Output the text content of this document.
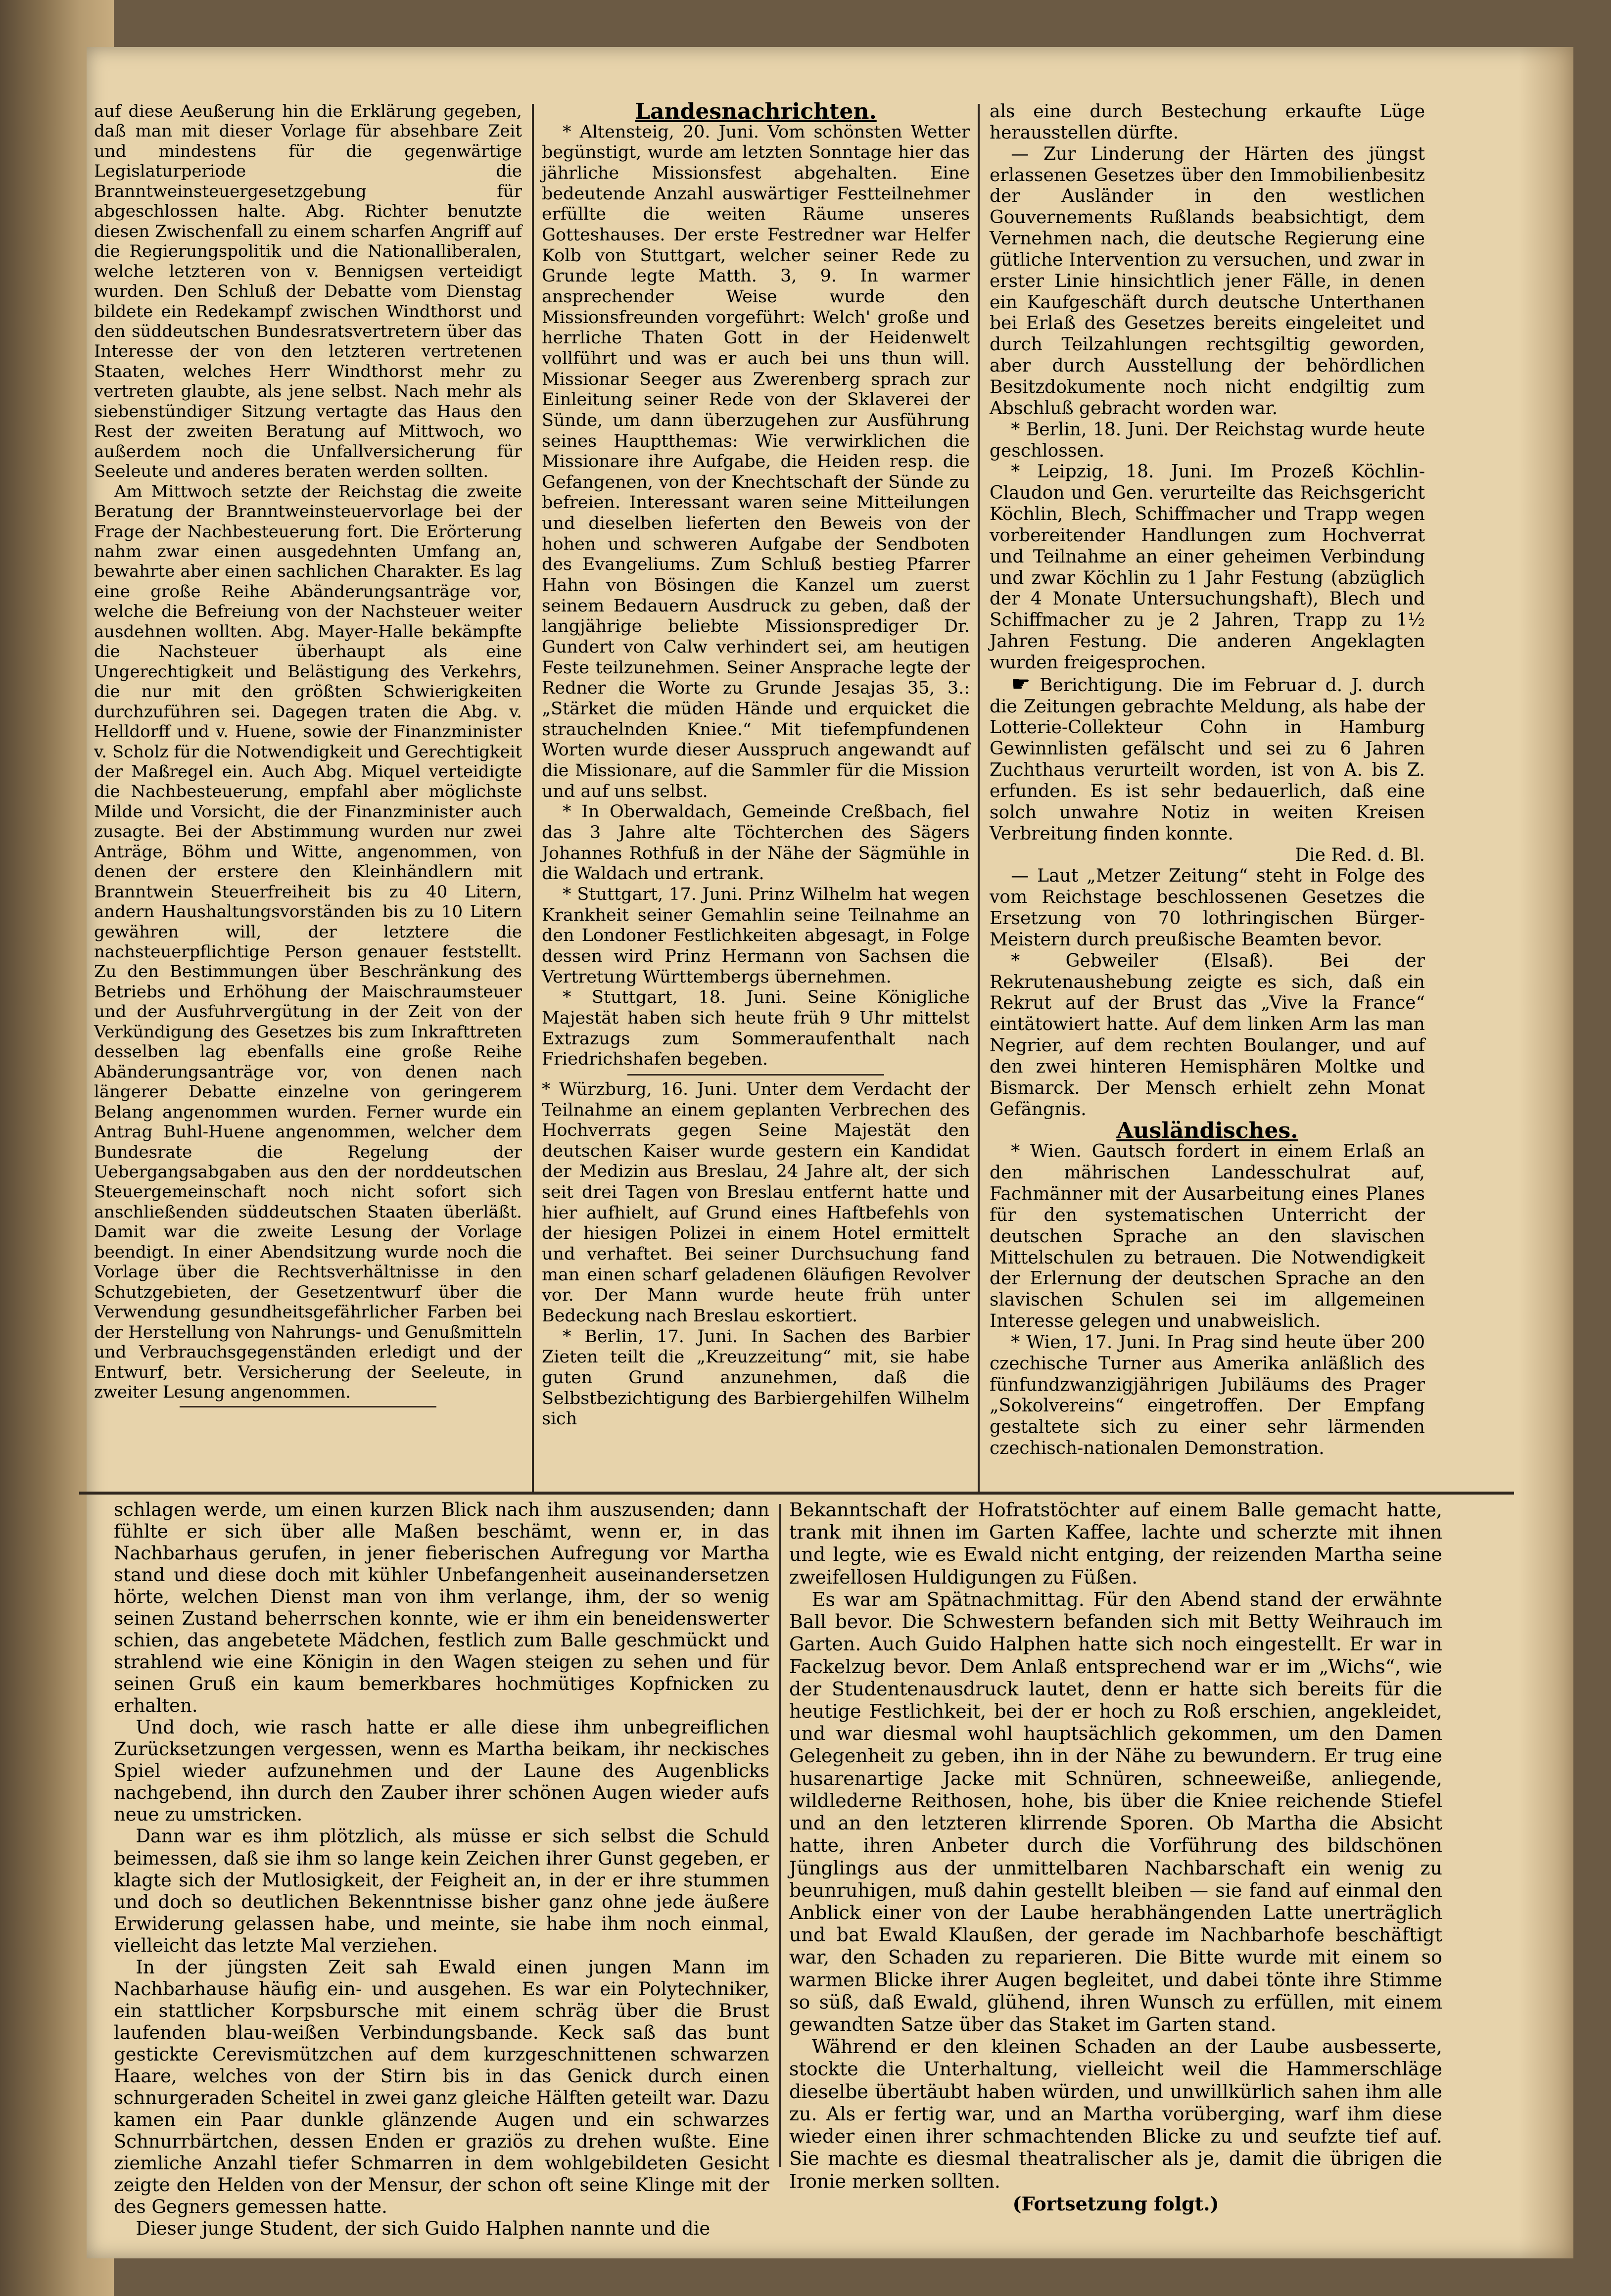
auf diese Aeußerung hin die Erklärung gegeben, daß man mit dieser Vorlage für absehbare Zeit und mindestens für die gegenwärtige Legislaturperiode die Branntweinsteuergesetzgebung für abgeschlossen halte. Abg. Richter benutzte diesen Zwischenfall zu einem scharfen Angriff auf die Regierungspolitik und die Nationalliberalen, welche letzteren von v. Bennigsen verteidigt wurden. Den Schluß der Debatte vom Dienstag bildete ein Redekampf zwischen Windthorst und den süddeutschen Bundesratsvertretern über das Interesse der von den letzteren vertretenen Staaten, welches Herr Windthorst mehr zu vertreten glaubte, als jene selbst. Nach mehr als siebenstündiger Sitzung vertagte das Haus den Rest der zweiten Beratung auf Mittwoch, wo außerdem noch die Unfallversicherung für Seeleute und anderes beraten werden sollten.

Am Mittwoch setzte der Reichstag die zweite Beratung der Branntweinsteuervorlage bei der Frage der Nachbesteuerung fort. Die Erörterung nahm zwar einen ausgedehnten Umfang an, bewahrte aber einen sachlichen Charakter. Es lag eine große Reihe Abänderungsanträge vor, welche die Befreiung von der Nachsteuer weiter ausdehnen wollten. Abg. Mayer-Halle bekämpfte die Nachsteuer überhaupt als eine Ungerechtigkeit und Belästigung des Verkehrs, die nur mit den größten Schwierigkeiten durchzuführen sei. Dagegen traten die Abg. v. Helldorff und v. Huene, sowie der Finanzminister v. Scholz für die Notwendigkeit und Gerechtigkeit der Maßregel ein. Auch Abg. Miquel verteidigte die Nachbesteuerung, empfahl aber möglichste Milde und Vorsicht, die der Finanzminister auch zusagte. Bei der Abstimmung wurden nur zwei Anträge, Böhm und Witte, angenommen, von denen der erstere den Kleinhändlern mit Branntwein Steuerfreiheit bis zu 40 Litern, andern Haushaltungsvorständen bis zu 10 Litern gewähren will, der letztere die nachsteuerpflichtige Person genauer feststellt. Zu den Bestimmungen über Beschränkung des Betriebs und Erhöhung der Maischraumsteuer und der Ausfuhrvergütung in der Zeit von der Verkündigung des Gesetzes bis zum Inkrafttreten desselben lag ebenfalls eine große Reihe Abänderungsanträge vor, von denen nach längerer Debatte einzelne von geringerem Belang angenommen wurden. Ferner wurde ein Antrag Buhl-Huene angenommen, welcher dem Bundesrate die Regelung der Uebergangsabgaben aus den der norddeutschen Steuergemeinschaft noch nicht sofort sich anschließenden süddeutschen Staaten überläßt. Damit war die zweite Lesung der Vorlage beendigt. In einer Abendsitzung wurde noch die Vorlage über die Rechtsverhältnisse in den Schutzgebieten, der Gesetzentwurf über die Verwendung gesundheitsgefährlicher Farben bei der Herstellung von Nahrungs- und Genußmitteln und Verbrauchsgegenständen erledigt und der Entwurf, betr. Versicherung der Seeleute, in zweiter Lesung angenommen.

Landesnachrichten.

* Altensteig, 20. Juni. Vom schönsten Wetter begünstigt, wurde am letzten Sonntage hier das jährliche Missionsfest abgehalten. Eine bedeutende Anzahl auswärtiger Festteilnehmer erfüllte die weiten Räume unseres Gotteshauses. Der erste Festredner war Helfer Kolb von Stuttgart, welcher seiner Rede zu Grunde legte Matth. 3, 9. In warmer ansprechender Weise wurde den Missionsfreunden vorgeführt: Welch' große und herrliche Thaten Gott in der Heidenwelt vollführt und was er auch bei uns thun will. Missionar Seeger aus Zwerenberg sprach zur Einleitung seiner Rede von der Sklaverei der Sünde, um dann überzugehen zur Ausführung seines Hauptthemas: Wie verwirklichen die Missionare ihre Aufgabe, die Heiden resp. die Gefangenen, von der Knechtschaft der Sünde zu befreien. Interessant waren seine Mitteilungen und dieselben lieferten den Beweis von der hohen und schweren Aufgabe der Sendboten des Evangeliums. Zum Schluß bestieg Pfarrer Hahn von Bösingen die Kanzel um zuerst seinem Bedauern Ausdruck zu geben, daß der langjährige beliebte Missionsprediger Dr. Gundert von Calw verhindert sei, am heutigen Feste teilzunehmen. Seiner Ansprache legte der Redner die Worte zu Grunde Jesajas 35, 3.: „Stärket die müden Hände und erquicket die strauchelnden Kniee.“ Mit tiefempfundenen Worten wurde dieser Ausspruch angewandt auf die Missionare, auf die Sammler für die Mission und auf uns selbst.

* In Oberwaldach, Gemeinde Creßbach, fiel das 3 Jahre alte Töchterchen des Sägers Johannes Rothfuß in der Nähe der Sägmühle in die Waldach und ertrank.

* Stuttgart, 17. Juni. Prinz Wilhelm hat wegen Krankheit seiner Gemahlin seine Teilnahme an den Londoner Festlichkeiten abgesagt, in Folge dessen wird Prinz Hermann von Sachsen die Vertretung Württembergs übernehmen.

* Stuttgart, 18. Juni. Seine Königliche Majestät haben sich heute früh 9 Uhr mittelst Extrazugs zum Sommeraufenthalt nach Friedrichshafen begeben.

* Würzburg, 16. Juni. Unter dem Verdacht der Teilnahme an einem geplanten Verbrechen des Hochverrats gegen Seine Majestät den deutschen Kaiser wurde gestern ein Kandidat der Medizin aus Breslau, 24 Jahre alt, der sich seit drei Tagen von Breslau entfernt hatte und hier aufhielt, auf Grund eines Haftbefehls von der hiesigen Polizei in einem Hotel ermittelt und verhaftet. Bei seiner Durchsuchung fand man einen scharf geladenen 6läufigen Revolver vor. Der Mann wurde heute früh unter Bedeckung nach Breslau eskortiert.

* Berlin, 17. Juni. In Sachen des Barbier Zieten teilt die „Kreuzzeitung“ mit, sie habe guten Grund anzunehmen, daß die Selbstbezichtigung des Barbiergehilfen Wilhelm sich

als eine durch Bestechung erkaufte Lüge herausstellen dürfte.

— Zur Linderung der Härten des jüngst erlassenen Gesetzes über den Immobilienbesitz der Ausländer in den westlichen Gouvernements Rußlands beabsichtigt, dem Vernehmen nach, die deutsche Regierung eine gütliche Intervention zu versuchen, und zwar in erster Linie hinsichtlich jener Fälle, in denen ein Kaufgeschäft durch deutsche Unterthanen bei Erlaß des Gesetzes bereits eingeleitet und durch Teilzahlungen rechtsgiltig geworden, aber durch Ausstellung der behördlichen Besitzdokumente noch nicht endgiltig zum Abschluß gebracht worden war.

* Berlin, 18. Juni. Der Reichstag wurde heute geschlossen.

* Leipzig, 18. Juni. Im Prozeß Köchlin-Claudon und Gen. verurteilte das Reichsgericht Köchlin, Blech, Schiffmacher und Trapp wegen vorbereitender Handlungen zum Hochverrat und Teilnahme an einer geheimen Verbindung und zwar Köchlin zu 1 Jahr Festung (abzüglich der 4 Monate Untersuchungshaft), Blech und Schiffmacher zu je 2 Jahren, Trapp zu 1½ Jahren Festung. Die anderen Angeklagten wurden freigesprochen.

☛ Berichtigung. Die im Februar d. J. durch die Zeitungen gebrachte Meldung, als habe der Lotterie-Collekteur Cohn in Hamburg Gewinnlisten gefälscht und sei zu 6 Jahren Zuchthaus verurteilt worden, ist von A. bis Z. erfunden. Es ist sehr bedauerlich, daß eine solch unwahre Notiz in weiten Kreisen Verbreitung finden konnte.

Die Red. d. Bl.

— Laut „Metzer Zeitung“ steht in Folge des vom Reichstage beschlossenen Gesetzes die Ersetzung von 70 lothringischen Bürger-Meistern durch preußische Beamten bevor.

* Gebweiler (Elsaß). Bei der Rekrutenaushebung zeigte es sich, daß ein Rekrut auf der Brust das „Vive la France“ eintätowiert hatte. Auf dem linken Arm las man Negrier, auf dem rechten Boulanger, und auf den zwei hinteren Hemisphären Moltke und Bismarck. Der Mensch erhielt zehn Monat Gefängnis.

Ausländisches.

* Wien. Gautsch fordert in einem Erlaß an den mährischen Landesschulrat auf, Fachmänner mit der Ausarbeitung eines Planes für den systematischen Unterricht der deutschen Sprache an den slavischen Mittelschulen zu betrauen. Die Notwendigkeit der Erlernung der deutschen Sprache an den slavischen Schulen sei im allgemeinen Interesse gelegen und unabweislich.

* Wien, 17. Juni. In Prag sind heute über 200 czechische Turner aus Amerika anläßlich des fünfundzwanzigjährigen Jubiläums des Prager „Sokolvereins“ eingetroffen. Der Empfang gestaltete sich zu einer sehr lärmenden czechisch-nationalen Demonstration.

schlagen werde, um einen kurzen Blick nach ihm auszusenden; dann fühlte er sich über alle Maßen beschämt, wenn er, in das Nachbarhaus gerufen, in jener fieberischen Aufregung vor Martha stand und diese doch mit kühler Unbefangenheit auseinandersetzen hörte, welchen Dienst man von ihm verlange, ihm, der so wenig seinen Zustand beherrschen konnte, wie er ihm ein beneidenswerter schien, das angebetete Mädchen, festlich zum Balle geschmückt und strahlend wie eine Königin in den Wagen steigen zu sehen und für seinen Gruß ein kaum bemerkbares hochmütiges Kopfnicken zu erhalten.

Und doch, wie rasch hatte er alle diese ihm unbegreiflichen Zurücksetzungen vergessen, wenn es Martha beikam, ihr neckisches Spiel wieder aufzunehmen und der Laune des Augenblicks nachgebend, ihn durch den Zauber ihrer schönen Augen wieder aufs neue zu umstricken.

Dann war es ihm plötzlich, als müsse er sich selbst die Schuld beimessen, daß sie ihm so lange kein Zeichen ihrer Gunst gegeben, er klagte sich der Mutlosigkeit, der Feigheit an, in der er ihre stummen und doch so deutlichen Bekenntnisse bisher ganz ohne jede äußere Erwiderung gelassen habe, und meinte, sie habe ihm noch einmal, vielleicht das letzte Mal verziehen.

In der jüngsten Zeit sah Ewald einen jungen Mann im Nachbarhause häufig ein- und ausgehen. Es war ein Polytechniker, ein stattlicher Korpsbursche mit einem schräg über die Brust laufenden blau-weißen Verbindungsbande. Keck saß das bunt gestickte Cerevismützchen auf dem kurzgeschnittenen schwarzen Haare, welches von der Stirn bis in das Genick durch einen schnurgeraden Scheitel in zwei ganz gleiche Hälften geteilt war. Dazu kamen ein Paar dunkle glänzende Augen und ein schwarzes Schnurrbärtchen, dessen Enden er graziös zu drehen wußte. Eine ziemliche Anzahl tiefer Schmarren in dem wohlgebildeten Gesicht zeigte den Helden von der Mensur, der schon oft seine Klinge mit der des Gegners gemessen hatte.

Dieser junge Student, der sich Guido Halphen nannte und die

Bekanntschaft der Hofratstöchter auf einem Balle gemacht hatte, trank mit ihnen im Garten Kaffee, lachte und scherzte mit ihnen und legte, wie es Ewald nicht entging, der reizenden Martha seine zweifellosen Huldigungen zu Füßen.

Es war am Spätnachmittag. Für den Abend stand der erwähnte Ball bevor. Die Schwestern befanden sich mit Betty Weihrauch im Garten. Auch Guido Halphen hatte sich noch eingestellt. Er war in Fackelzug bevor. Dem Anlaß entsprechend war er im „Wichs“, wie der Studentenausdruck lautet, denn er hatte sich bereits für die heutige Festlichkeit, bei der er hoch zu Roß erschien, angekleidet, und war diesmal wohl hauptsächlich gekommen, um den Damen Gelegenheit zu geben, ihn in der Nähe zu bewundern. Er trug eine husarenartige Jacke mit Schnüren, schneeweiße, anliegende, wildlederne Reithosen, hohe, bis über die Kniee reichende Stiefel und an den letzteren klirrende Sporen. Ob Martha die Absicht hatte, ihren Anbeter durch die Vorführung des bildschönen Jünglings aus der unmittelbaren Nachbarschaft ein wenig zu beunruhigen, muß dahin gestellt bleiben — sie fand auf einmal den Anblick einer von der Laube herabhängenden Latte unerträglich und bat Ewald Klaußen, der gerade im Nachbarhofe beschäftigt war, den Schaden zu reparieren. Die Bitte wurde mit einem so warmen Blicke ihrer Augen begleitet, und dabei tönte ihre Stimme so süß, daß Ewald, glühend, ihren Wunsch zu erfüllen, mit einem gewandten Satze über das Staket im Garten stand.

Während er den kleinen Schaden an der Laube ausbesserte, stockte die Unterhaltung, vielleicht weil die Hammerschläge dieselbe übertäubt haben würden, und unwillkürlich sahen ihm alle zu. Als er fertig war, und an Martha vorüberging, warf ihm diese wieder einen ihrer schmachtenden Blicke zu und seufzte tief auf. Sie machte es diesmal theatralischer als je, damit die übrigen die Ironie merken sollten.

(Fortsetzung folgt.)
